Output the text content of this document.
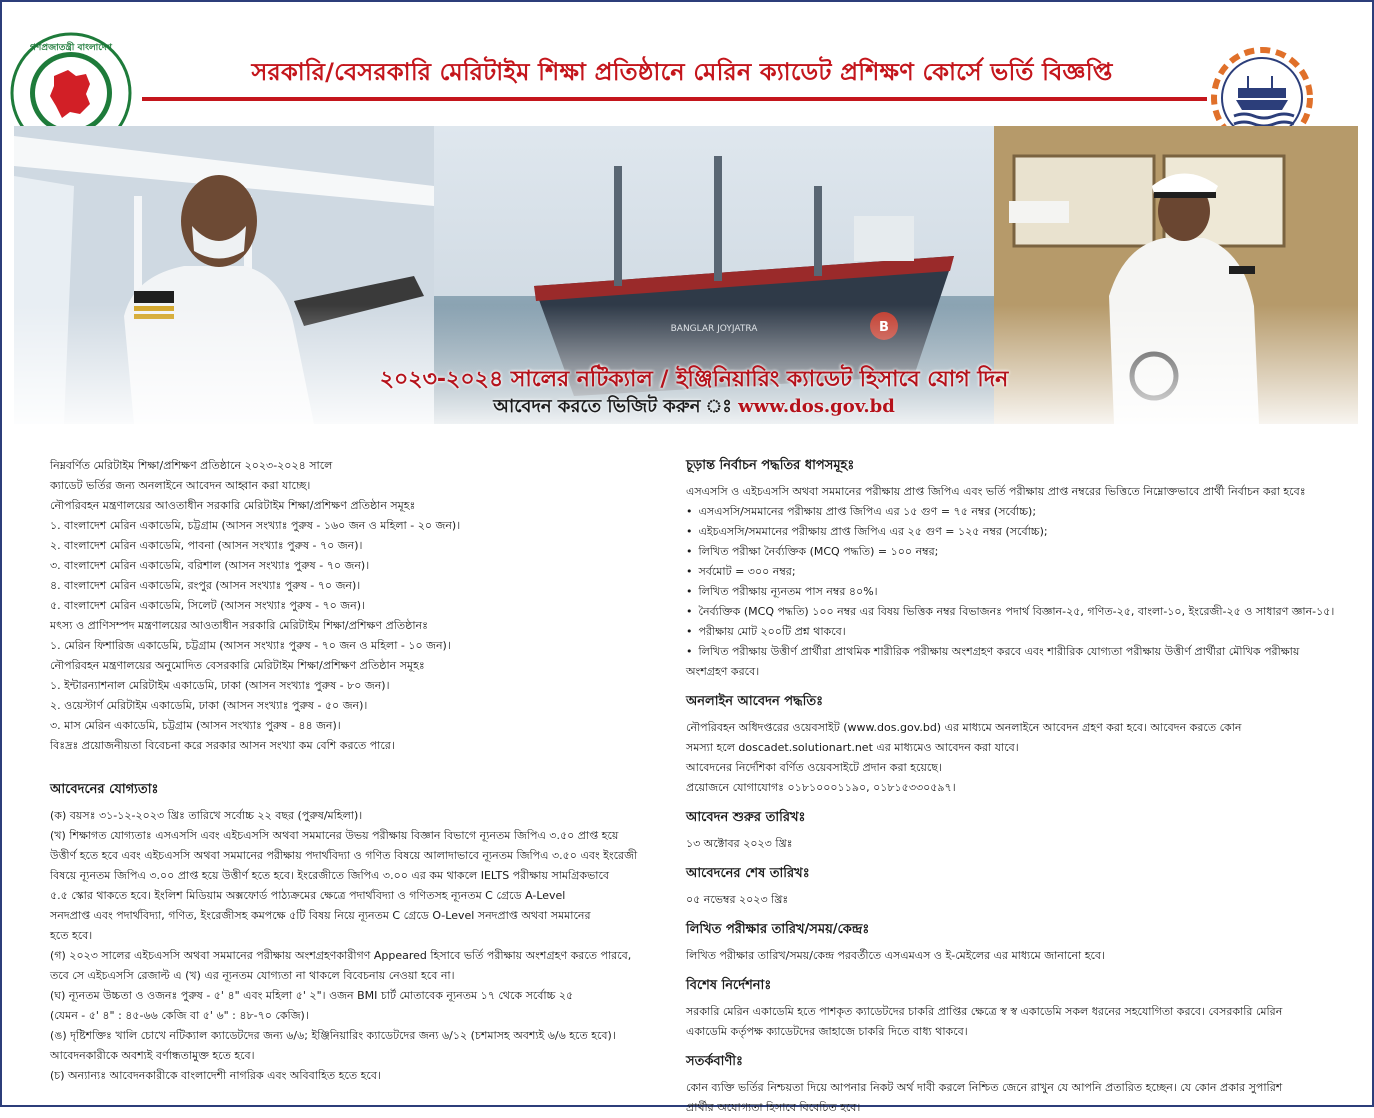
গণপ্রজাতন্ত্রী বাংলাদেশ
সরকারি/বেসরকারি মেরিটাইম শিক্ষা প্রতিষ্ঠানে মেরিন ক্যাডেট প্রশিক্ষণ কোর্সে ভর্তি বিজ্ঞপ্তি
২০২৩-২০২৪ সালের নটিক্যাল / ইঞ্জিনিয়ারিং ক্যাডেট হিসাবে যোগ দিন
আবেদন করতে ভিজিট করুন ঃ www.dos.gov.bd
নিম্নবর্ণিত মেরিটাইম শিক্ষা/প্রশিক্ষণ প্রতিষ্ঠানে ২০২৩-২০২৪ সালে
ক্যাডেট ভর্তির জন্য অনলাইনে আবেদন আহ্বান করা যাচ্ছে।
নৌপরিবহন মন্ত্রণালয়ের আওতাধীন সরকারি মেরিটাইম শিক্ষা/প্রশিক্ষণ প্রতিষ্ঠান সমূহঃ
১. বাংলাদেশ মেরিন একাডেমি, চট্টগ্রাম (আসন সংখ্যাঃ পুরুষ - ১৬০ জন ও মহিলা - ২০ জন)।
২. বাংলাদেশ মেরিন একাডেমি, পাবনা (আসন সংখ্যাঃ পুরুষ - ৭০ জন)।
৩. বাংলাদেশ মেরিন একাডেমি, বরিশাল (আসন সংখ্যাঃ পুরুষ - ৭০ জন)।
৪. বাংলাদেশ মেরিন একাডেমি, রংপুর (আসন সংখ্যাঃ পুরুষ - ৭০ জন)।
৫. বাংলাদেশ মেরিন একাডেমি, সিলেট (আসন সংখ্যাঃ পুরুষ - ৭০ জন)।
মৎস্য ও প্রাণিসম্পদ মন্ত্রণালয়ের আওতাধীন সরকারি মেরিটাইম শিক্ষা/প্রশিক্ষণ প্রতিষ্ঠানঃ
১. মেরিন ফিশারিজ একাডেমি, চট্টগ্রাম (আসন সংখ্যাঃ পুরুষ - ৭০ জন ও মহিলা - ১০ জন)।
নৌপরিবহন মন্ত্রণালয়ের অনুমোদিত বেসরকারি মেরিটাইম শিক্ষা/প্রশিক্ষণ প্রতিষ্ঠান সমূহঃ
১. ইন্টারন্যাশনাল মেরিটাইম একাডেমি, ঢাকা (আসন সংখ্যাঃ পুরুষ - ৮০ জন)।
২. ওয়েস্টার্ণ মেরিটাইম একাডেমি, ঢাকা (আসন সংখ্যাঃ পুরুষ - ৫০ জন)।
৩. মাস মেরিন একাডেমি, চট্টগ্রাম (আসন সংখ্যাঃ পুরুষ - ৪৪ জন)।
বিঃদ্রঃ প্রয়োজনীয়তা বিবেচনা করে সরকার আসন সংখ্যা কম বেশি করতে পারে।
আবেদনের যোগ্যতাঃ
(ক) বয়সঃ ৩১-১২-২০২৩ খ্রিঃ তারিখে সর্বোচ্চ ২২ বছর (পুরুষ/মহিলা)।
(খ) শিক্ষাগত যোগ্যতাঃ এসএসসি এবং এইচএসসি অথবা সমমানের উভয় পরীক্ষায় বিজ্ঞান বিভাগে ন্যূনতম জিপিএ ৩.৫০ প্রাপ্ত হয়ে
উত্তীর্ণ হতে হবে এবং এইচএসসি অথবা সমমানের পরীক্ষায় পদার্থবিদ্যা ও গণিত বিষয়ে আলাদাভাবে ন্যূনতম জিপিএ ৩.৫০ এবং ইংরেজী
বিষয়ে ন্যূনতম জিপিএ ৩.০০ প্রাপ্ত হয়ে উত্তীর্ণ হতে হবে। ইংরেজীতে জিপিএ ৩.০০ এর কম থাকলে IELTS পরীক্ষায় সামগ্রিকভাবে
৫.৫ স্কোর থাকতে হবে। ইংলিশ মিডিয়াম অক্সফোর্ড পাঠ্যক্রমের ক্ষেত্রে পদার্থবিদ্যা ও গণিতসহ ন্যূনতম C গ্রেডে A-Level
সনদপ্রাপ্ত এবং পদার্থবিদ্যা, গণিত, ইংরেজীসহ কমপক্ষে ৫টি বিষয় নিয়ে ন্যূনতম C গ্রেডে O-Level সনদপ্রাপ্ত অথবা সমমানের
হতে হবে।
(গ) ২০২৩ সালের এইচএসসি অথবা সমমানের পরীক্ষায় অংশগ্রহণকারীগণ Appeared হিসাবে ভর্তি পরীক্ষায় অংশগ্রহণ করতে পারবে,
তবে সে এইচএসসি রেজাল্ট এ (খ) এর ন্যূনতম যোগ্যতা না থাকলে বিবেচনায় নেওয়া হবে না।
(ঘ) ন্যূনতম উচ্চতা ও ওজনঃ পুরুষ - ৫' ৪" এবং মহিলা ৫' ২"। ওজন BMI চার্ট মোতাবেক ন্যূনতম ১৭ থেকে সর্বোচ্চ ২৫
(যেমন - ৫' ৪" : ৪৫-৬৬ কেজি বা ৫' ৬" : ৪৮-৭০ কেজি)।
(ঙ) দৃষ্টিশক্তিঃ খালি চোখে নটিক্যাল ক্যাডেটদের জন্য ৬/৬; ইঞ্জিনিয়ারিং ক্যাডেটদের জন্য ৬/১২ (চশমাসহ অবশ্যই ৬/৬ হতে হবে)।
আবেদনকারীকে অবশ্যই বর্ণান্ধতামুক্ত হতে হবে।
(চ) অন্যান্যঃ আবেদনকারীকে বাংলাদেশী নাগরিক এবং অবিবাহিত হতে হবে।
চূড়ান্ত নির্বাচন পদ্ধতির ধাপসমূহঃ
এসএসসি ও এইচএসসি অথবা সমমানের পরীক্ষায় প্রাপ্ত জিপিএ এবং ভর্তি পরীক্ষায় প্রাপ্ত নম্বরের ভিত্তিতে নিম্নোক্তভাবে প্রার্থী নির্বাচন করা হবেঃ
• এসএসসি/সমমানের পরীক্ষায় প্রাপ্ত জিপিএ এর ১৫ গুণ = ৭৫ নম্বর (সর্বোচ্চ);
• এইচএসসি/সমমানের পরীক্ষায় প্রাপ্ত জিপিএ এর ২৫ গুণ = ১২৫ নম্বর (সর্বোচ্চ);
• লিখিত পরীক্ষা নৈর্ব্যক্তিক (MCQ পদ্ধতি) = ১০০ নম্বর;
• সর্বমোট = ৩০০ নম্বর;
• লিখিত পরীক্ষায় ন্যূনতম পাস নম্বর ৪০%।
• নৈর্ব্যক্তিক (MCQ পদ্ধতি) ১০০ নম্বর এর বিষয় ভিত্তিক নম্বর বিভাজনঃ পদার্থ বিজ্ঞান-২৫, গণিত-২৫, বাংলা-১০, ইংরেজী-২৫ ও সাধারণ জ্ঞান-১৫।
• পরীক্ষায় মোট ২০০টি প্রশ্ন থাকবে।
• লিখিত পরীক্ষায় উত্তীর্ণ প্রার্থীরা প্রাথমিক শারীরিক পরীক্ষায় অংশগ্রহণ করবে এবং শারীরিক যোগ্যতা পরীক্ষায় উত্তীর্ণ প্রার্থীরা মৌখিক পরীক্ষায় অংশগ্রহণ করবে।
অনলাইন আবেদন পদ্ধতিঃ
নৌপরিবহন অধিদপ্তরের ওয়েবসাইট (www.dos.gov.bd) এর মাধ্যমে অনলাইনে আবেদন গ্রহণ করা হবে। আবেদন করতে কোন
সমস্যা হলে doscadet.solutionart.net এর মাধ্যমেও আবেদন করা যাবে।
আবেদনের নির্দেশিকা বর্ণিত ওয়েবসাইটে প্রদান করা হয়েছে।
প্রয়োজনে যোগাযোগঃ ০১৮১০০০১১৯০, ০১৮১৫৩৩০৫৯৭।
আবেদন শুরুর তারিখঃ
১৩ অক্টোবর ২০২৩ খ্রিঃ
আবেদনের শেষ তারিখঃ
০৫ নভেম্বর ২০২৩ খ্রিঃ
লিখিত পরীক্ষার তারিখ/সময়/কেন্দ্রঃ
লিখিত পরীক্ষার তারিখ/সময়/কেন্দ্র পরবর্তীতে এসএমএস ও ই-মেইলের এর মাধ্যমে জানানো হবে।
বিশেষ নির্দেশনাঃ
সরকারি মেরিন একাডেমি হতে পাশকৃত ক্যাডেটদের চাকরি প্রাপ্তির ক্ষেত্রে স্ব স্ব একাডেমি সকল ধরনের সহযোগিতা করবে। বেসরকারি মেরিন
একাডেমি কর্তৃপক্ষ ক্যাডেটদের জাহাজে চাকরি দিতে বাধ্য থাকবে।
সতর্কবাণীঃ
কোন ব্যক্তি ভর্তির নিশ্চয়তা দিয়ে আপনার নিকট অর্থ দাবী করলে নিশ্চিত জেনে রাখুন যে আপনি প্রতারিত হচ্ছেন। যে কোন প্রকার সুপারিশ
প্রার্থীর অযোগ্যতা হিসাবে বিবেচিত হবে।
